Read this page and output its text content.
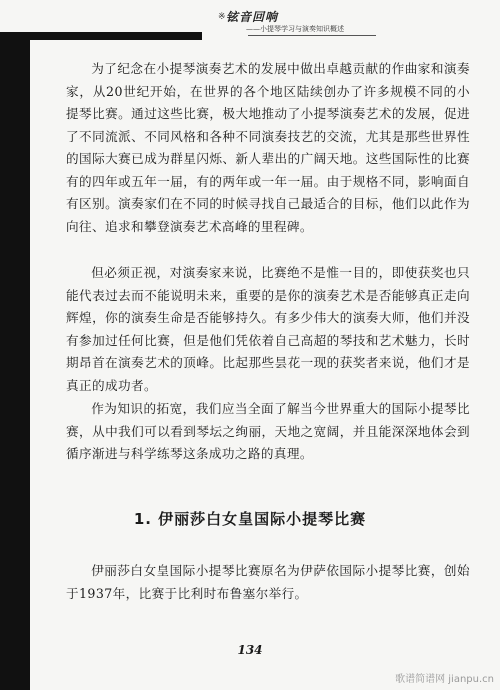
※ 铉音回响
——小提琴学习与演奏知识概述

为了纪念在小提琴演奏艺术的发展中做出卓越贡献的作曲家和演奏家，从20世纪开始，在世界的各个地区陆续创办了许多规模不同的小提琴比赛。通过这些比赛，极大地推动了小提琴演奏艺术的发展，促进了不同流派、不同风格和各种不同演奏技艺的交流，尤其是那些世界性的国际大赛已成为群星闪烁、新人辈出的广阔天地。这些国际性的比赛有的四年或五年一届，有的两年或一年一届。由于规格不同，影响面自有区别。演奏家们在不同的时候寻找自己最适合的目标，他们以此作为向往、追求和攀登演奏艺术高峰的里程碑。

但必须正视，对演奏家来说，比赛绝不是惟一目的，即使获奖也只能代表过去而不能说明未来，重要的是你的演奏艺术是否能够真正走向辉煌，你的演奏生命是否能够持久。有多少伟大的演奏大师，他们并没有参加过任何比赛，但是他们凭依着自己高超的琴技和艺术魅力，长时期昂首在演奏艺术的顶峰。比起那些昙花一现的获奖者来说，他们才是真正的成功者。

作为知识的拓宽，我们应当全面了解当今世界重大的国际小提琴比赛，从中我们可以看到琴坛之绚丽，天地之宽阔，并且能深深地体会到循序渐进与科学练琴这条成功之路的真理。

1. 伊丽莎白女皇国际小提琴比赛

伊丽莎白女皇国际小提琴比赛原名为伊萨依国际小提琴比赛，创始于1937年，比赛于比利时布鲁塞尔举行。

134
歌谱简谱网 jianpu.cn
